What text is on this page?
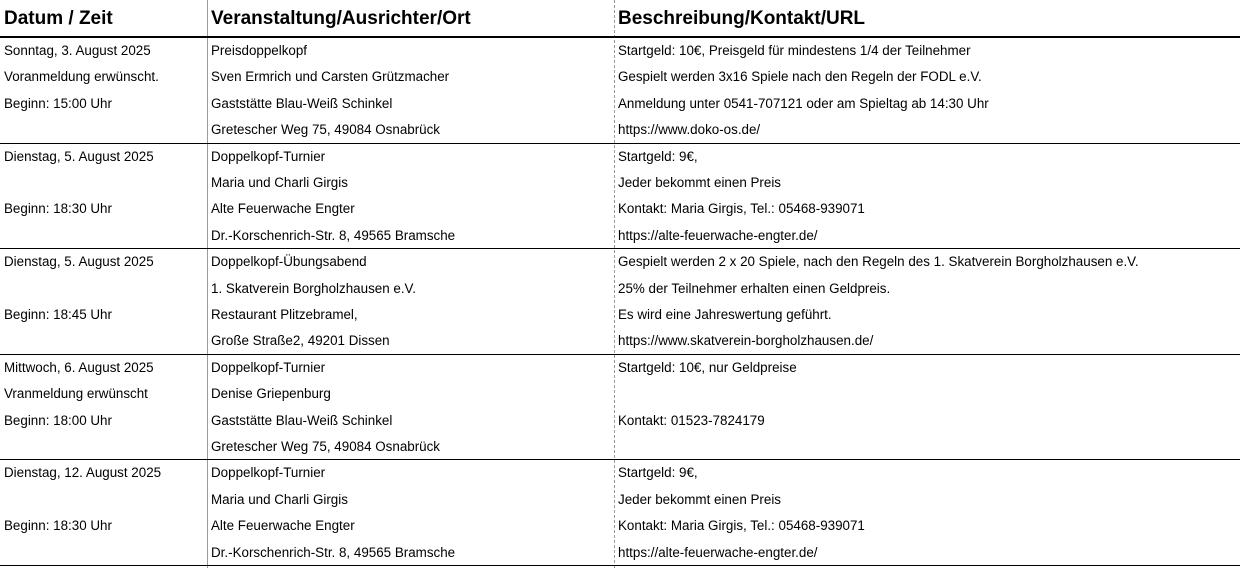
Datum / Zeit	Veranstaltung/Ausrichter/Ort	Beschreibung/Kontakt/URL
Sonntag, 3. August 2025
Voranmeldung erwünscht.
Beginn: 15:00 Uhr
Preisdoppelkopf
Sven Ermrich und Carsten Grützmacher
Gaststätte Blau-Weiß Schinkel
Gretescher Weg 75, 49084 Osnabrück
Startgeld: 10€, Preisgeld für mindestens 1/4 der Teilnehmer
Gespielt werden 3x16 Spiele nach den Regeln der FODL e.V.
Anmeldung unter 0541-707121 oder am Spieltag ab 14:30 Uhr
https://www.doko-os.de/
Dienstag, 5. August 2025
Beginn: 18:30 Uhr
Doppelkopf-Turnier
Maria und Charli Girgis
Alte Feuerwache Engter
Dr.-Korschenrich-Str. 8, 49565 Bramsche
Startgeld: 9€,
Jeder bekommt einen Preis
Kontakt: Maria Girgis, Tel.: 05468-939071
https://alte-feuerwache-engter.de/
Dienstag, 5. August 2025
Beginn: 18:45 Uhr
Doppelkopf-Übungsabend
1. Skatverein Borgholzhausen e.V.
Restaurant Plitzebramel,
Große Straße2, 49201 Dissen
Gespielt werden 2 x 20 Spiele, nach den Regeln des 1. Skatverein Borgholzhausen e.V.
25% der Teilnehmer erhalten einen Geldpreis.
Es wird eine Jahreswertung geführt.
https://www.skatverein-borgholzhausen.de/
Mittwoch, 6. August 2025
Vranmeldung erwünscht
Beginn: 18:00 Uhr
Doppelkopf-Turnier
Denise Griepenburg
Gaststätte Blau-Weiß Schinkel
Gretescher Weg 75, 49084 Osnabrück
Startgeld: 10€, nur Geldpreise
Kontakt: 01523-7824179
Dienstag, 12. August 2025
Beginn: 18:30 Uhr
Doppelkopf-Turnier
Maria und Charli Girgis
Alte Feuerwache Engter
Dr.-Korschenrich-Str. 8, 49565 Bramsche
Startgeld: 9€,
Jeder bekommt einen Preis
Kontakt: Maria Girgis, Tel.: 05468-939071
https://alte-feuerwache-engter.de/
